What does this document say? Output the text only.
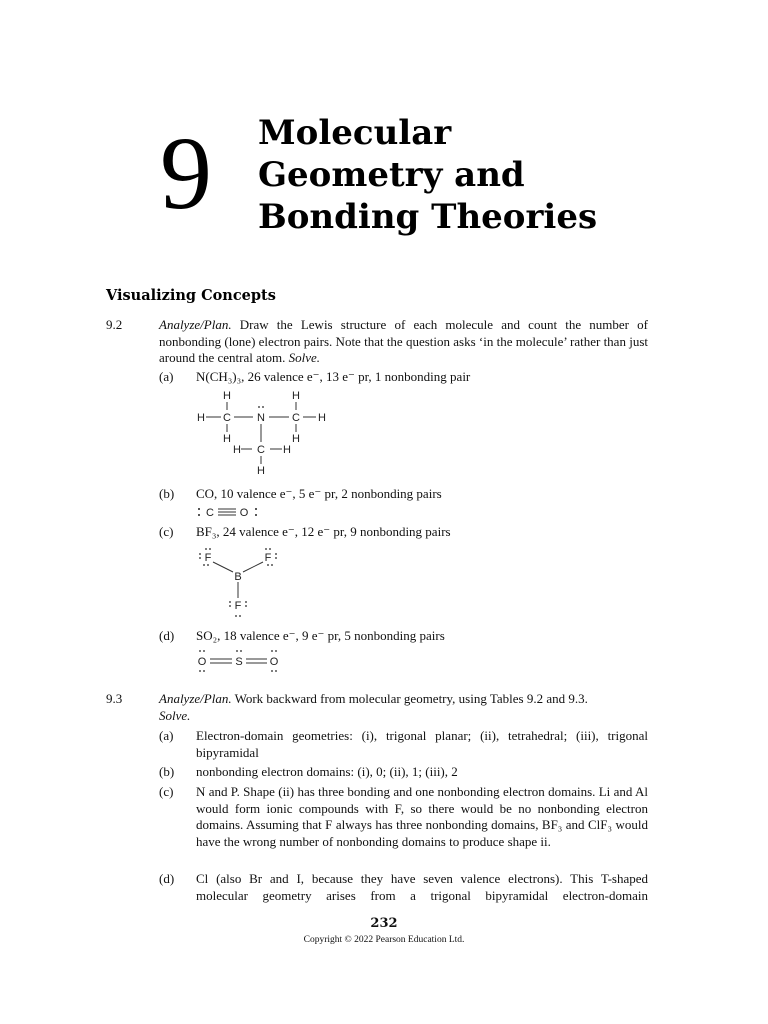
9 Molecular
Geometry and
Bonding Theories
Visualizing Concepts
9.2	Analyze/Plan. Draw the Lewis structure of each molecule and count the number of nonbonding (lone) electron pairs. Note that the question asks ‘in the molecule’ rather than just around the central atom. Solve.
(a) N(CH₃)₃, 26 valence e⁻, 13 e⁻ pr, 1 nonbonding pair
H	H
H C N C H
H	H
H C H
H
(b) CO, 10 valence e⁻, 5 e⁻ pr, 2 nonbonding pairs
C O
(c) BF₃, 24 valence e⁻, 12 e⁻ pr, 9 nonbonding pairs
F	F
B
F
(d) SO₂, 18 valence e⁻, 9 e⁻ pr, 5 nonbonding pairs
O	S O
9.3	Analyze/Plan. Work backward from molecular geometry, using Tables 9.2 and 9.3.
Solve.
(a) Electron-domain geometries: (i), trigonal planar; (ii), tetrahedral; (iii), trigonal bipyramidal
(b) nonbonding electron domains: (i), 0; (ii), 1; (iii), 2
(c) N and P. Shape (ii) has three bonding and one nonbonding electron domains. Li and Al would form ionic compounds with F, so there would be no nonbonding electron domains. Assuming that F always has three nonbonding domains, BF₃ and ClF₃ would have the wrong number of nonbonding domains to produce shape ii.
(d) Cl (also Br and I, because they have seven valence electrons). This T-shaped molecular geometry arises from a trigonal bipyramidal electron-domain
232
Copyright © 2022 Pearson Education Ltd.
